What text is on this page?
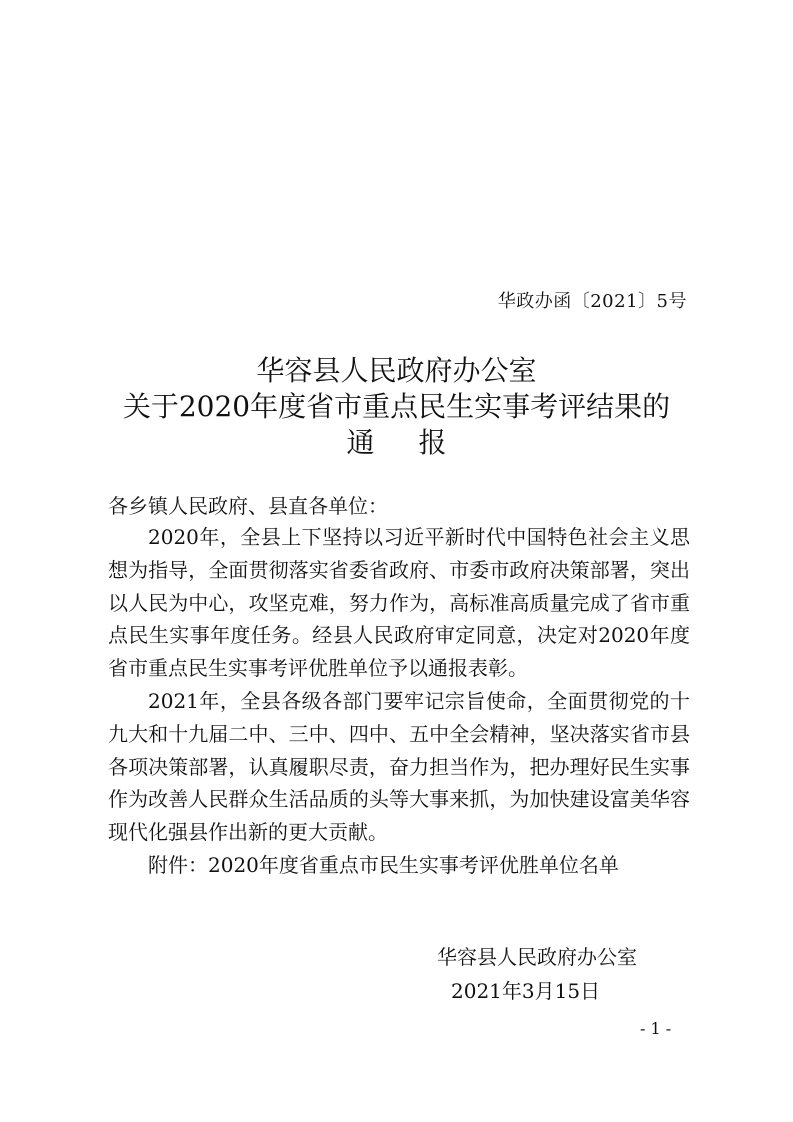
华政办函〔2021〕5号
华容县人民政府办公室
关于2020年度省市重点民生实事考评结果的
通报
各乡镇人民政府、县直各单位：

2020年，全县上下坚持以习近平新时代中国特色社会主义思想为指导，全面贯彻落实省委省政府、市委市政府决策部署，突出以人民为中心，攻坚克难，努力作为，高标准高质量完成了省市重点民生实事年度任务。经县人民政府审定同意，决定对2020年度省市重点民生实事考评优胜单位予以通报表彰。

2021年，全县各级各部门要牢记宗旨使命，全面贯彻党的十九大和十九届二中、三中、四中、五中全会精神，坚决落实省市县各项决策部署，认真履职尽责，奋力担当作为，把办理好民生实事作为改善人民群众生活品质的头等大事来抓，为加快建设富美华容现代化强县作出新的更大贡献。

附件：2020年度省重点市民生实事考评优胜单位名单

华容县人民政府办公室
2021年3月15日
- 1 -
